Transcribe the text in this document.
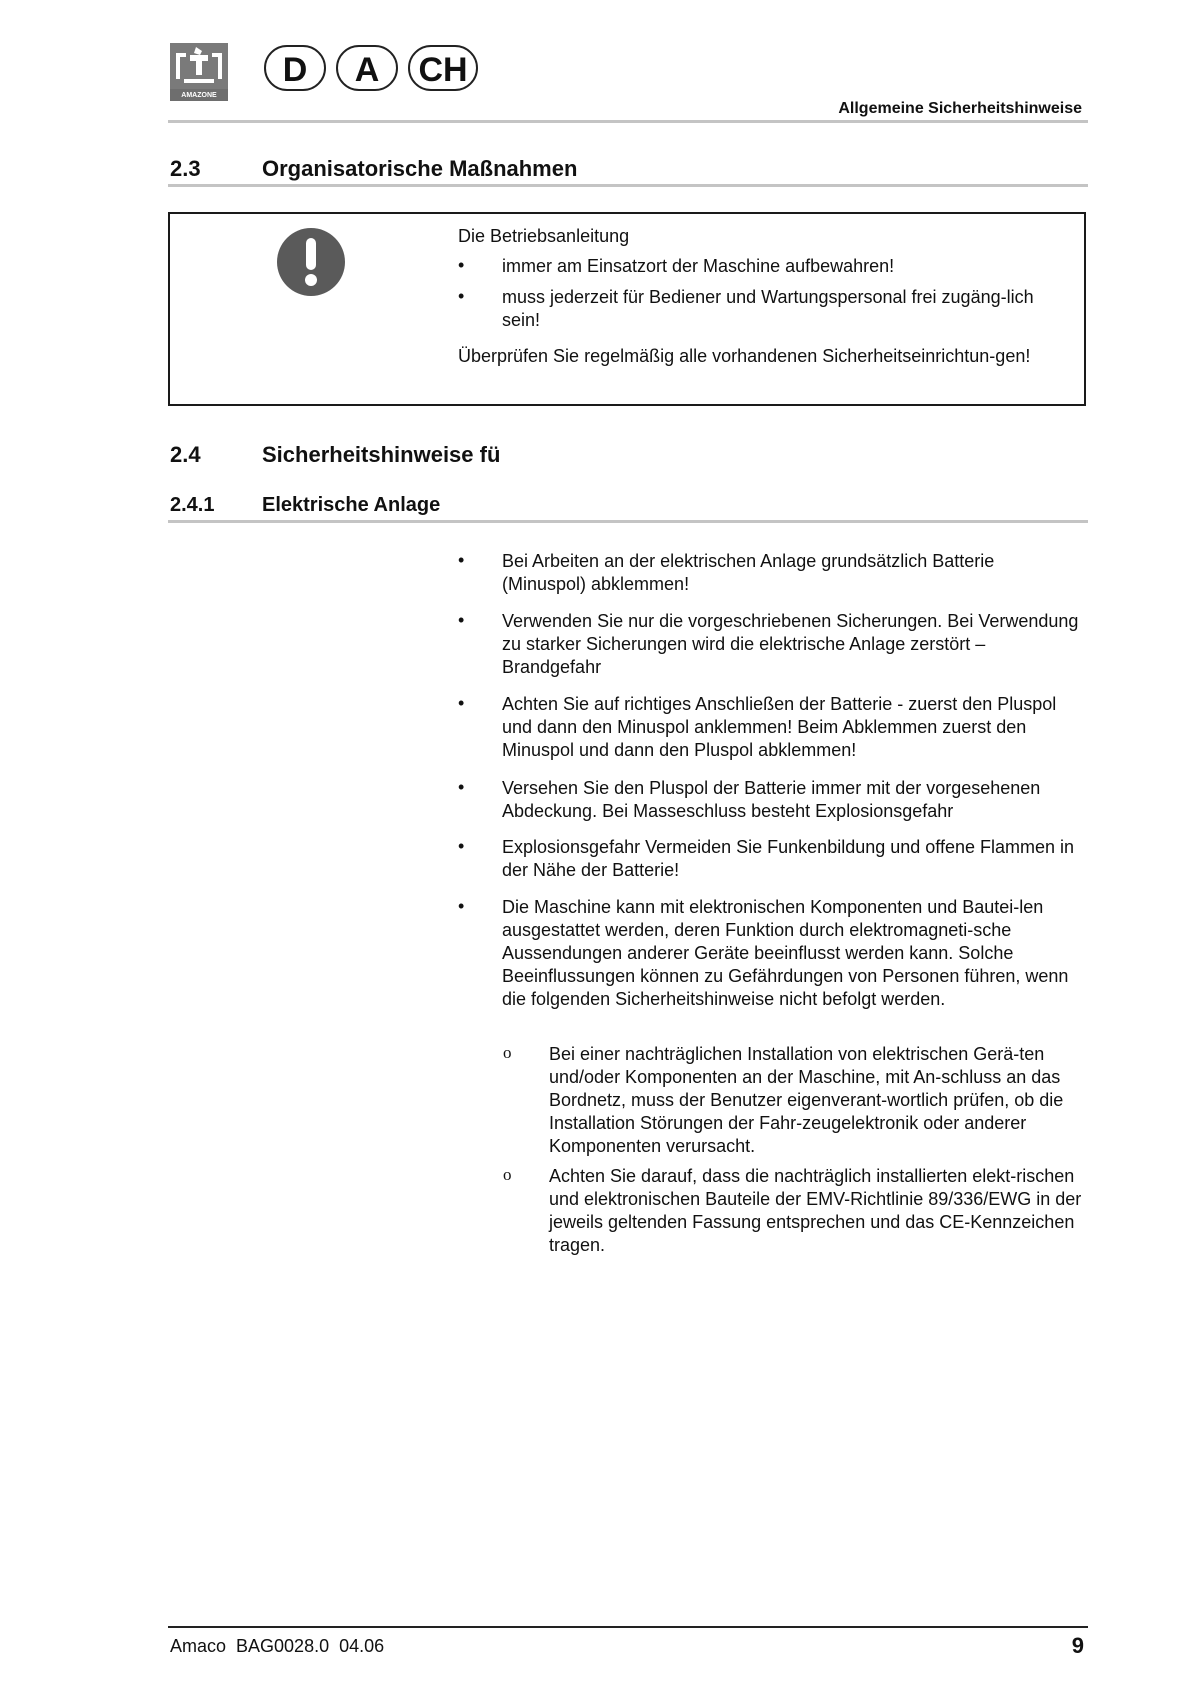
AMAZONE
D	A	CH
Allgemeine Sicherheitshinweise
2.3	Organisatorische Maßnahmen
Die Betriebsanleitung
•	immer am Einsatzort der Maschine aufbewahren!
•	muss jederzeit für Bediener und Wartungspersonal frei zugäng-lich sein!
Überprüfen Sie regelmäßig alle vorhandenen Sicherheitseinrichtun-gen!
2.4	Sicherheitshinweise fü
2.4.1 Elektrische Anlage
•	Bei Arbeiten an der elektrischen Anlage grundsätzlich Batterie (Minuspol) abklemmen!
•	Verwenden Sie nur die vorgeschriebenen Sicherungen. Bei Verwendung zu starker Sicherungen wird die elektrische Anlage zerstört – Brandgefahr
•	Achten Sie auf richtiges Anschließen der Batterie - zuerst den Pluspol und dann den Minuspol anklemmen! Beim Abklemmen zuerst den Minuspol und dann den Pluspol abklemmen!
•	Versehen Sie den Pluspol der Batterie immer mit der vorgesehenen Abdeckung. Bei Masseschluss besteht Explosionsgefahr
•	Explosionsgefahr Vermeiden Sie Funkenbildung und offene Flammen in der Nähe der Batterie!
•	Die Maschine kann mit elektronischen Komponenten und Bautei-len ausgestattet werden, deren Funktion durch elektromagneti-sche Aussendungen anderer Geräte beeinflusst werden kann. Solche Beeinflussungen können zu Gefährdungen von Personen führen, wenn die folgenden Sicherheitshinweise nicht befolgt werden.
o Bei einer nachträglichen Installation von elektrischen Gerä-ten und/oder Komponenten an der Maschine, mit An-schluss an das Bordnetz, muss der Benutzer eigenverant-wortlich prüfen, ob die Installation Störungen der Fahr-zeugelektronik oder anderer Komponenten verursacht.
o Achten Sie darauf, dass die nachträglich installierten elekt-rischen und elektronischen Bauteile der EMV-Richtlinie 89/336/EWG in der jeweils geltenden Fassung entsprechen und das CE-Kennzeichen tragen.
Amaco  BAG0028.0  04.06	9
